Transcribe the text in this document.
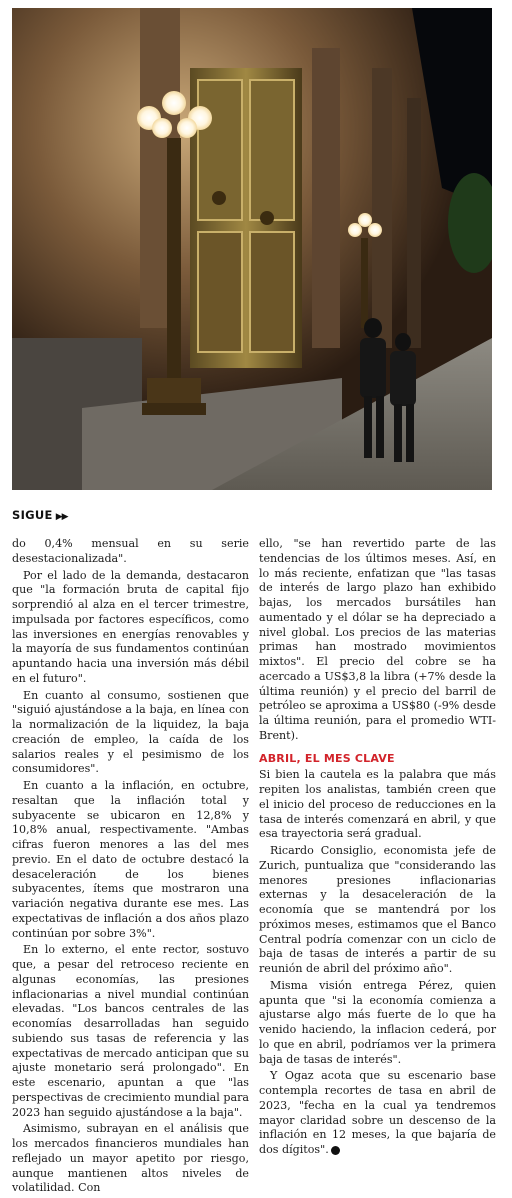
SIGUE ▶▶

do 0,4% mensual en su serie desestacionalizada".

Por el lado de la demanda, destacaron que "la formación bruta de capital fijo sorprendió al alza en el tercer trimestre, impulsada por factores específicos, como las inversiones en energías renovables y la mayoría de sus fundamentos continúan apuntando hacia una inversión más débil en el futuro".

En cuanto al consumo, sostienen que "siguió ajustándose a la baja, en línea con la normalización de la liquidez, la baja creación de empleo, la caída de los salarios reales y el pesimismo de los consumidores".

En cuanto a la inflación, en octubre, resaltan que la inflación total y subyacente se ubicaron en 12,8% y 10,8% anual, respectivamente. "Ambas cifras fueron menores a las del mes previo. En el dato de octubre destacó la desaceleración de los bienes subyacentes, ítems que mostraron una variación negativa durante ese mes. Las expectativas de inflación a dos años plazo continúan por sobre 3%".

En lo externo, el ente rector, sostuvo que, a pesar del retroceso reciente en algunas economías, las presiones inflacionarias a nivel mundial continúan elevadas. "Los bancos centrales de las economías desarrolladas han seguido subiendo sus tasas de referencia y las expectativas de mercado anticipan que su ajuste monetario será prolongado". En este escenario, apuntan a que "las perspectivas de crecimiento mundial para 2023 han seguido ajustándose a la baja".

Asimismo, subrayan en el análisis que los mercados financieros mundiales han reflejado un mayor apetito por riesgo, aunque mantienen altos niveles de volatilidad. Con

ello, "se han revertido parte de las tendencias de los últimos meses. Así, en lo más reciente, enfatizan que "las tasas de interés de largo plazo han exhibido bajas, los mercados bursátiles han aumentado y el dólar se ha depreciado a nivel global. Los precios de las materias primas han mostrado movimientos mixtos". El precio del cobre se ha acercado a US$3,8 la libra (+7% desde la última reunión) y el precio del barril de petróleo se aproxima a US$80 (-9% desde la última reunión, para el promedio WTI-Brent).

ABRIL, EL MES CLAVE

Si bien la cautela es la palabra que más repiten los analistas, también creen que el inicio del proceso de reducciones en la tasa de interés comenzará en abril, y que esa trayectoria será gradual.

Ricardo Consiglio, economista jefe de Zurich, puntualiza que "considerando las menores presiones inflacionarias externas y la desaceleración de la economía que se mantendrá por los próximos meses, estimamos que el Banco Central podría comenzar con un ciclo de baja de tasas de interés a partir de su reunión de abril del próximo año".

Misma visión entrega Pérez, quien apunta que "si la economía comienza a ajustarse algo más fuerte de lo que ha venido haciendo, la inflacion cederá, por lo que en abril, podríamos ver la primera baja de tasas de interés".

Y Ogaz acota que su escenario base contempla recortes de tasa en abril de 2023, "fecha en la cual ya tendremos mayor claridad sobre un descenso de la inflación en 12 meses, la que bajaría de dos dígitos". P
